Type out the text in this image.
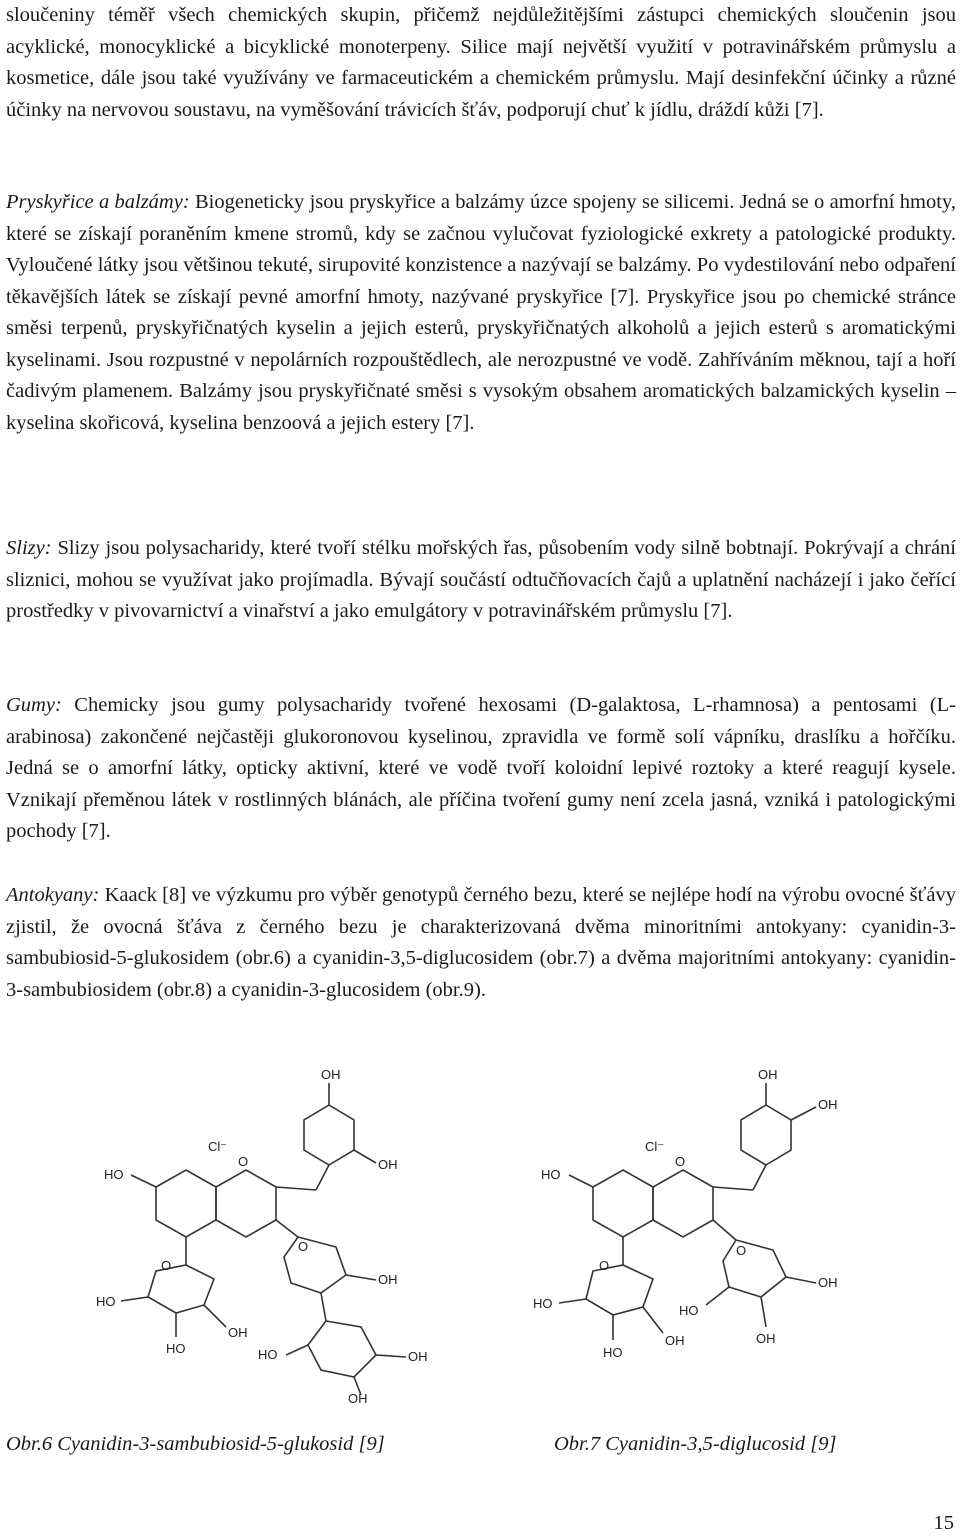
sloučeniny téměř všech chemických skupin, přičemž nejdůležitějšími zástupci chemických sloučenin jsou acyklické, monocyklické a bicyklické monoterpeny. Silice mají největší využití v potravinářském průmyslu a kosmetice, dále jsou také využívány ve farmaceutickém a chemickém průmyslu. Mají desinfekční účinky a různé účinky na nervovou soustavu, na vyměšování trávicích šťáv, podporují chuť k jídlu, dráždí kůži [7].

Pryskyřice a balzámy: Biogeneticky jsou pryskyřice a balzámy úzce spojeny se silicemi. Jedná se o amorfní hmoty, které se získají poraněním kmene stromů, kdy se začnou vylučovat fyziologické exkrety a patologické produkty. Vyloučené látky jsou většinou tekuté, sirupovité konzistence a nazývají se balzámy. Po vydestilování nebo odpaření těkavějších látek se získají pevné amorfní hmoty, nazývané pryskyřice [7]. Pryskyřice jsou po chemické stránce směsi terpenů, pryskyřičnatých kyselin a jejich esterů, pryskyřičnatých alkoholů a jejich esterů s aromatickými kyselinami. Jsou rozpustné v nepolárních rozpouštědlech, ale nerozpustné ve vodě. Zahříváním měknou, tají a hoří čadivým plamenem. Balzámy jsou pryskyřičnaté směsi s vysokým obsahem aromatických balzamických kyselin – kyselina skořicová, kyselina benzoová a jejich estery [7].

Slizy: Slizy jsou polysacharidy, které tvoří stélku mořských řas, působením vody silně bobtnají. Pokrývají a chrání sliznici, mohou se využívat jako projímadla. Bývají součástí odtučňovacích čajů a uplatnění nacházejí i jako čeřící prostředky v pivovarnictví a vinařství a jako emulgátory v potravinářském průmyslu [7].

Gumy: Chemicky jsou gumy polysacharidy tvořené hexosami (D-galaktosa, L-rhamnosa) a pentosami (L-arabinosa) zakončené nejčastěji glukoronovou kyselinou, zpravidla ve formě solí vápníku, draslíku a hořčíku. Jedná se o amorfní látky, opticky aktivní, které ve vodě tvoří koloidní lepivé roztoky a které reagují kysele. Vznikají přeměnou látek v rostlinných blánách, ale příčina tvoření gumy není zcela jasná, vzniká i patologickými pochody [7].

Antokyany: Kaack [8] ve výzkumu pro výběr genotypů černého bezu, které se nejlépe hodí na výrobu ovocné šťávy zjistil, že ovocná šťáva z černého bezu je charakterizovaná dvěma minoritními antokyany: cyanidin-3-sambubiosid-5-glukosidem (obr.6) a cyanidin-3,5-diglucosidem (obr.7) a dvěma majoritními antokyany: cyanidin-3-sambubiosidem (obr.8) a cyanidin-3-glucosidem (obr.9).

OH
OH
O
Cl⁻
HO
O
HO
HO
OH
O
OH
OH
OH
HO
OH
OH
O
Cl⁻
HO
O
HO
HO
OH
O
OH
OH
HO
Obr.6 Cyanidin-3-sambubiosid-5-glukosid [9]	Obr.7 Cyanidin-3,5-diglucosid [9]
15
